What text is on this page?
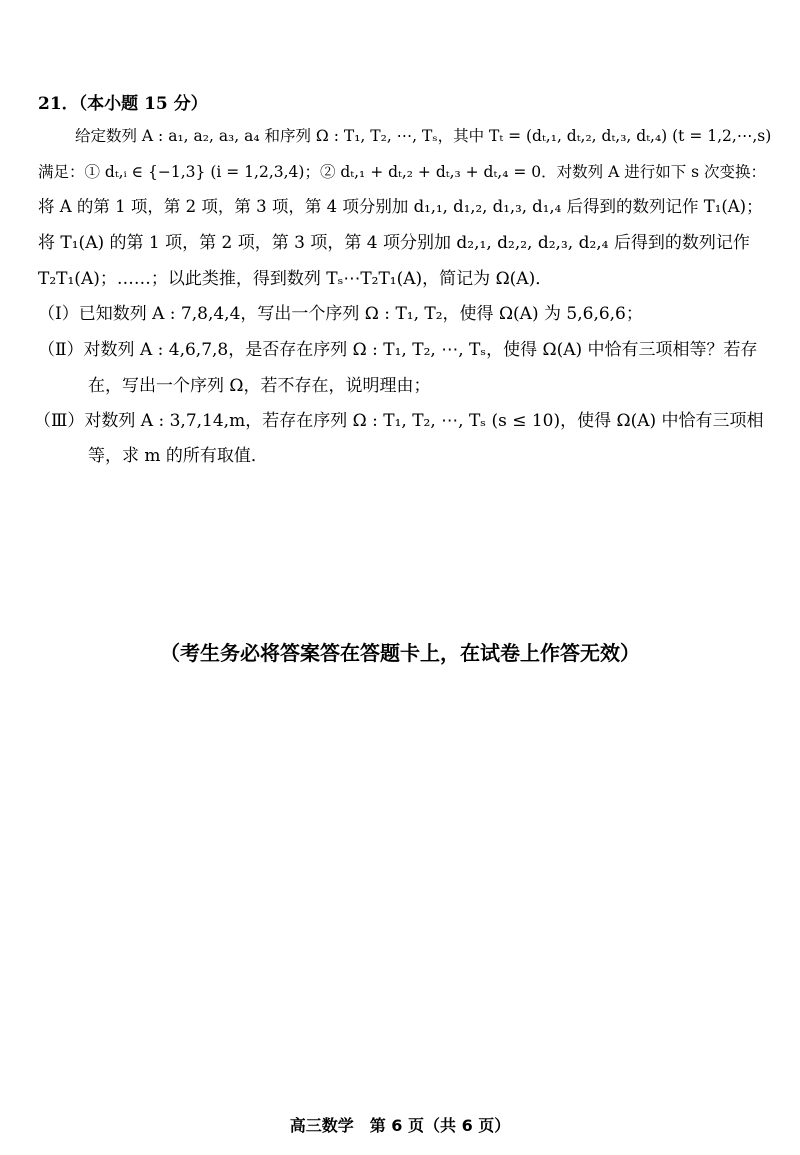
21．（本小题 15 分）
给定数列 A : a₁, a₂, a₃, a₄ 和序列 Ω : T₁, T₂, ⋯, Tₛ，其中 Tₜ = (dₜ,₁, dₜ,₂, dₜ,₃, dₜ,₄) (t = 1,2,⋯,s)
满足：① dₜ,ᵢ ∈ {−1,3} (i = 1,2,3,4)；② dₜ,₁ + dₜ,₂ + dₜ,₃ + dₜ,₄ = 0．对数列 A 进行如下 s 次变换：
将 A 的第 1 项，第 2 项，第 3 项，第 4 项分别加 d₁,₁, d₁,₂, d₁,₃, d₁,₄ 后得到的数列记作 T₁(A)；
将 T₁(A) 的第 1 项，第 2 项，第 3 项，第 4 项分别加 d₂,₁, d₂,₂, d₂,₃, d₂,₄ 后得到的数列记作
T₂T₁(A)；……；以此类推，得到数列 Tₛ⋯T₂T₁(A)，简记为 Ω(A)．
（Ⅰ）已知数列 A : 7,8,4,4，写出一个序列 Ω : T₁, T₂，使得 Ω(A) 为 5,6,6,6；
（Ⅱ）对数列 A : 4,6,7,8，是否存在序列 Ω : T₁, T₂, ⋯, Tₛ，使得 Ω(A) 中恰有三项相等？若存
在，写出一个序列 Ω，若不存在，说明理由；
（Ⅲ）对数列 A : 3,7,14,m，若存在序列 Ω : T₁, T₂, ⋯, Tₛ (s ≤ 10)，使得 Ω(A) 中恰有三项相
等，求 m 的所有取值．
（考生务必将答案答在答题卡上，在试卷上作答无效）
高三数学　第 6 页（共 6 页）
